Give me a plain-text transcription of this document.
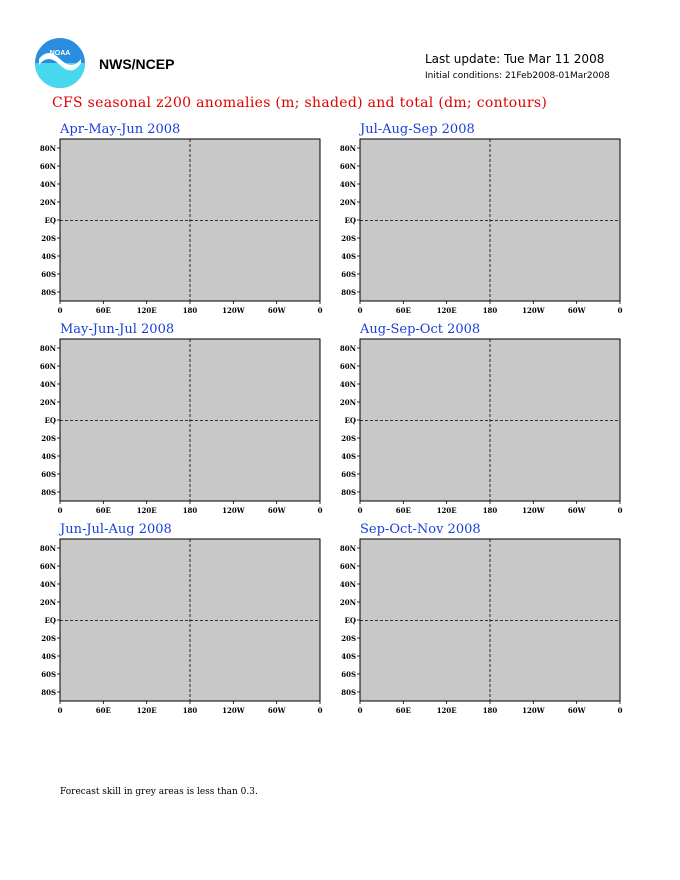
NOAA
NWS/NCEP	Last update: Tue Mar 11 2008
Initial conditions: 21Feb2008-01Mar2008
CFS seasonal z200 anomalies (m; shaded) and total (dm; contours)
Apr-May-Jun 2008
80N
60N
40N
20N
EQ
20S
40S
60S
80S
0	60E	120E	180	120W	60W	0
Jul-Aug-Sep 2008
80N
60N
40N
20N
EQ
20S
40S
60S
80S
0	60E	120E	180	120W	60W	0
May-Jun-Jul 2008
80N
60N
40N
20N
EQ
20S
40S
60S
80S
0	60E	120E	180	120W	60W	0
Aug-Sep-Oct 2008
80N
60N
40N
20N
EQ
20S
40S
60S
80S
0	60E	120E	180	120W	60W	0
Jun-Jul-Aug 2008
80N
60N
40N
20N
EQ
20S
40S
60S
80S
0	60E	120E	180	120W	60W	0
Sep-Oct-Nov 2008
80N
60N
40N
20N
EQ
20S
40S
60S
80S
0	60E	120E	180	120W	60W	0
Forecast skill in grey areas is less than 0.3.
